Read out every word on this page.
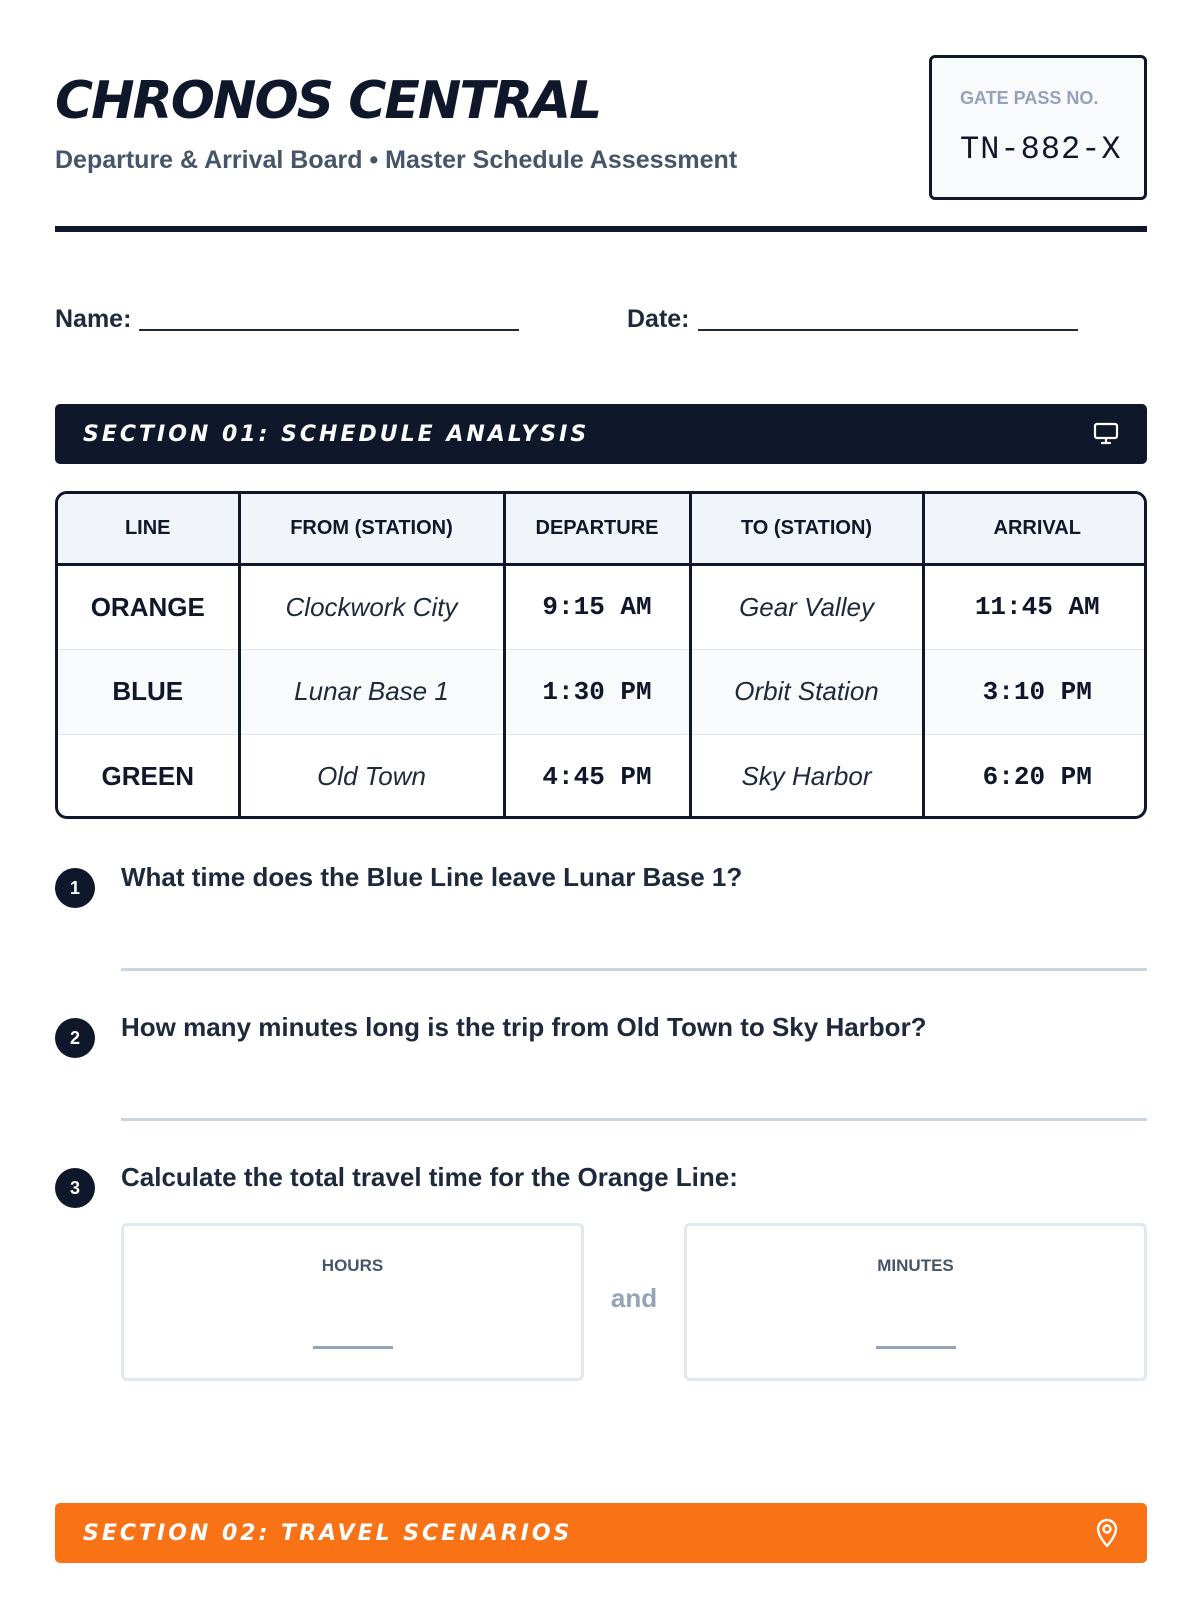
CHRONOS CENTRAL
Departure & Arrival Board • Master Schedule Assessment
GATE PASS NO.
TN-882-X
Name:	Date:
SECTION 01: SCHEDULE ANALYSIS
LINE	FROM (STATION)	DEPARTURE	TO (STATION)	ARRIVAL
ORANGE	Clockwork City	9:15 AM	Gear Valley	11:45 AM
BLUE	Lunar Base 1	1:30 PM	Orbit Station	3:10 PM
GREEN	Old Town	4:45 PM	Sky Harbor	6:20 PM
1	What time does the Blue Line leave Lunar Base 1?
2	How many minutes long is the trip from Old Town to Sky Harbor?
3	Calculate the total travel time for the Orange Line:
HOURS
and
MINUTES
SECTION 02: TRAVEL SCENARIOS
